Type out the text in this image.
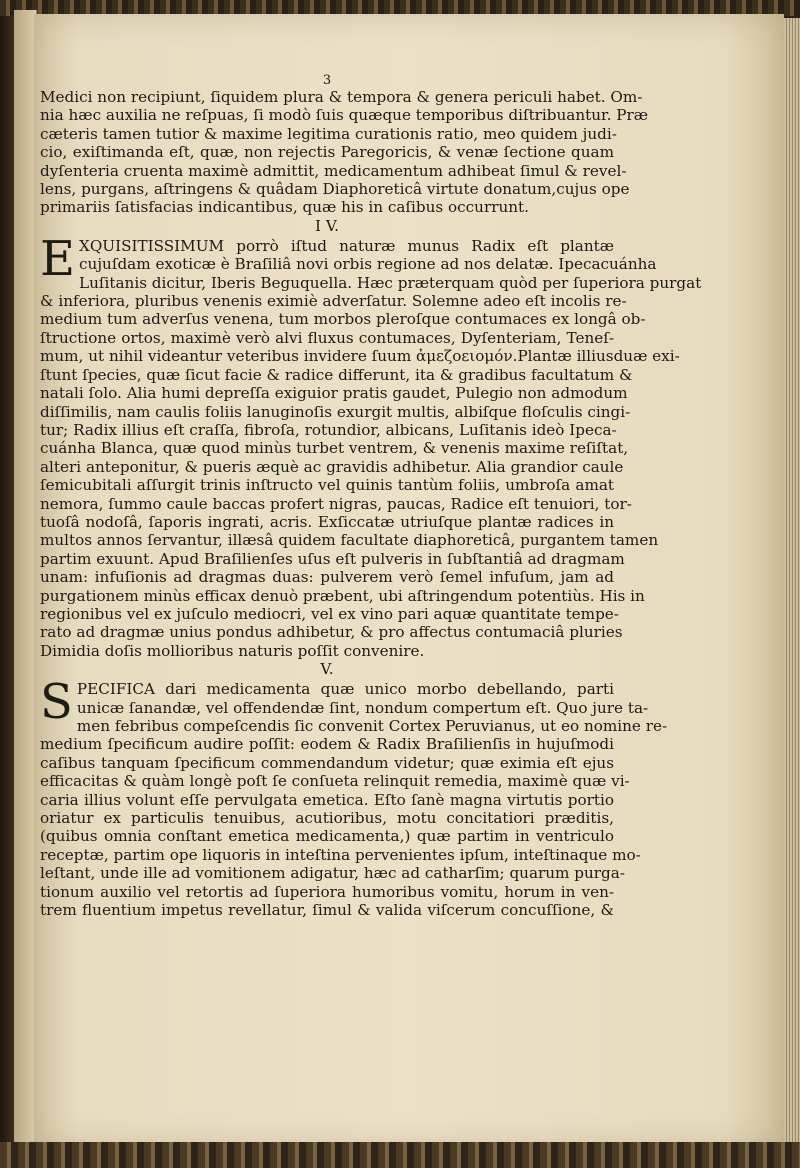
3
Medici non recipiunt, ſiquidem plura & tempora & genera periculi habet. Om-
nia hæc auxilia ne reſpuas, ſi modò ſuis quæque temporibus diſtribuantur. Præ
cæteris tamen tutior & maxime legitima curationis ratio, meo quidem judi-
cio, exiſtimanda eſt, quæ, non rejectis Paregoricis, & venæ ſectione quam
dyſenteria cruenta maximè admittit, medicamentum adhibeat ſimul & revel-
lens, purgans, aſtringens & quâdam Diaphoreticâ virtute donatum,cujus ope
primariis ſatisfacias indicantibus, quæ his in caſibus occurrunt.
I V.
E XQUISITISSIMUM porrò iſtud naturæ munus Radix eſt plantæ
cujuſdam exoticæ è Braſiliâ novi orbis regione ad nos delatæ. Ipecacuánha
Luſitanis dicitur, Iberis Beguquella. Hæc præterquam quòd per ſuperiora purgat
& inferiora, pluribus venenis eximiè adverſatur. Solemne adeo eſt incolis re-
medium tum adverſus venena, tum morbos pleroſque contumaces ex longâ ob-
ſtructione ortos, maximè verò alvi fluxus contumaces, Dyſenteriam, Teneſ-
mum, ut nihil videantur veteribus invidere ſuum ἀμεζοειομόν.Plantæ illiusduæ exi-
ſtunt ſpecies, quæ ſicut facie & radice differunt, ita & gradibus facultatum &
natali ſolo. Alia humi depreſſa exiguior pratis gaudet, Pulegio non admodum
diſſimilis, nam caulis foliis lanuginoſis exurgit multis, albiſque floſculis cingi-
tur; Radix illius eſt craſſa, fibroſa, rotundior, albicans, Luſitanis ideò Ipeca-
cuánha Blanca, quæ quod minùs turbet ventrem, & venenis maxime reſiſtat,
alteri anteponitur, & pueris æquè ac gravidis adhibetur. Alia grandior caule
ſemicubitali aſſurgit trinis inſtructo vel quinis tantùm foliis, umbroſa amat
nemora, ſummo caule baccas profert nigras, paucas, Radice eſt tenuiori, tor-
tuoſâ nodoſâ, ſaporis ingrati, acris. Exſiccatæ utriuſque plantæ radices in
multos annos ſervantur, illæsâ quidem facultate diaphoreticâ, purgantem tamen
partim exuunt. Apud Braſilienſes uſus eſt pulveris in ſubſtantiâ ad dragmam
unam: infuſionis ad dragmas duas: pulverem verò ſemel infuſum, jam ad
purgationem minùs efficax denuò præbent, ubi aſtringendum potentiùs. His in
regionibus vel ex juſculo mediocri, vel ex vino pari aquæ quantitate tempe-
rato ad dragmæ unius pondus adhibetur, & pro affectus contumaciâ pluries
Dimidia doſis mollioribus naturis poſſit convenire.
V.
S PECIFICA dari medicamenta quæ unico morbo debellando, parti
unicæ ſanandæ, vel offendendæ ſint, nondum compertum eſt. Quo jure ta-
men febribus compeſcendis ſic convenit Cortex Peruvianus, ut eo nomine re-
medium ſpecificum audire poſſit: eodem & Radix Braſilienſis in hujuſmodi
caſibus tanquam ſpecificum commendandum videtur; quæ eximia eſt ejus
efficacitas & quàm longè poſt ſe conſueta relinquit remedia, maximè quæ vi-
caria illius volunt eſſe pervulgata emetica. Eſto ſanè magna virtutis portio
oriatur ex particulis tenuibus, acutioribus, motu concitatiori præditis,
(quibus omnia conſtant emetica medicamenta,) quæ partim in ventriculo
receptæ, partim ope liquoris in inteſtina pervenientes ipſum, inteſtinaque mo-
leſtant, unde ille ad vomitionem adigatur, hæc ad catharſim; quarum purga-
tionum auxilio vel retortis ad ſuperiora humoribus vomitu, horum in ven-
trem fluentium impetus revellatur, ſimul & valida viſcerum concuſſione, &
